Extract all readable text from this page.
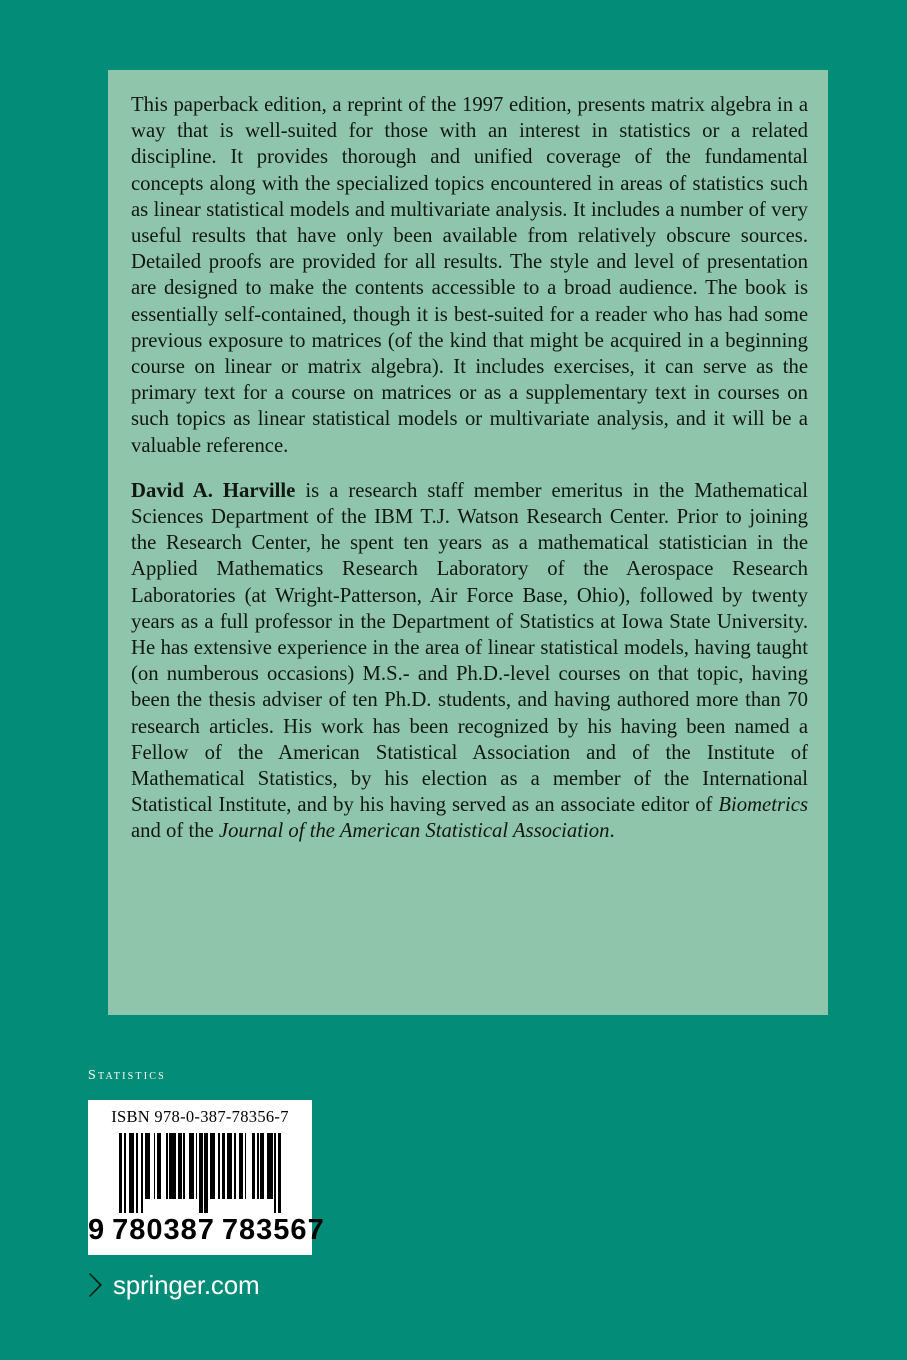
This paperback edition, a reprint of the 1997 edition, presents matrix algebra in a way that is well-suited for those with an interest in statistics or a related discipline. It provides thorough and unified coverage of the fundamental concepts along with the specialized topics encountered in areas of statistics such as linear statistical models and multivariate analysis. It includes a number of very useful results that have only been available from relatively obscure sources. Detailed proofs are provided for all results. The style and level of presentation are designed to make the contents accessible to a broad audience. The book is essentially self-contained, though it is best-suited for a reader who has had some previous exposure to matrices (of the kind that might be acquired in a beginning course on linear or matrix algebra). It includes exercises, it can serve as the primary text for a course on matrices or as a supplementary text in courses on such topics as linear statistical models or multivariate analysis, and it will be a valuable reference.

David A. Harville is a research staff member emeritus in the Mathematical Sciences Department of the IBM T.J. Watson Research Center. Prior to joining the Research Center, he spent ten years as a mathematical statistician in the Applied Mathematics Research Laboratory of the Aerospace Research Laboratories (at Wright-Patterson, Air Force Base, Ohio), followed by twenty years as a full professor in the Department of Statistics at Iowa State University. He has extensive experience in the area of linear statistical models, having taught (on numberous occasions) M.S.- and Ph.D.-level courses on that topic, having been the thesis adviser of ten Ph.D. students, and having authored more than 70 research articles. His work has been recognized by his having been named a Fellow of the American Statistical Association and of the Institute of Mathematical Statistics, by his election as a member of the International Statistical Institute, and by his having served as an associate editor of Biometrics and of the Journal of the American Statistical Association.

Statistics
ISBN 978-0-387-78356-7
9 780387 783567
springer.com
